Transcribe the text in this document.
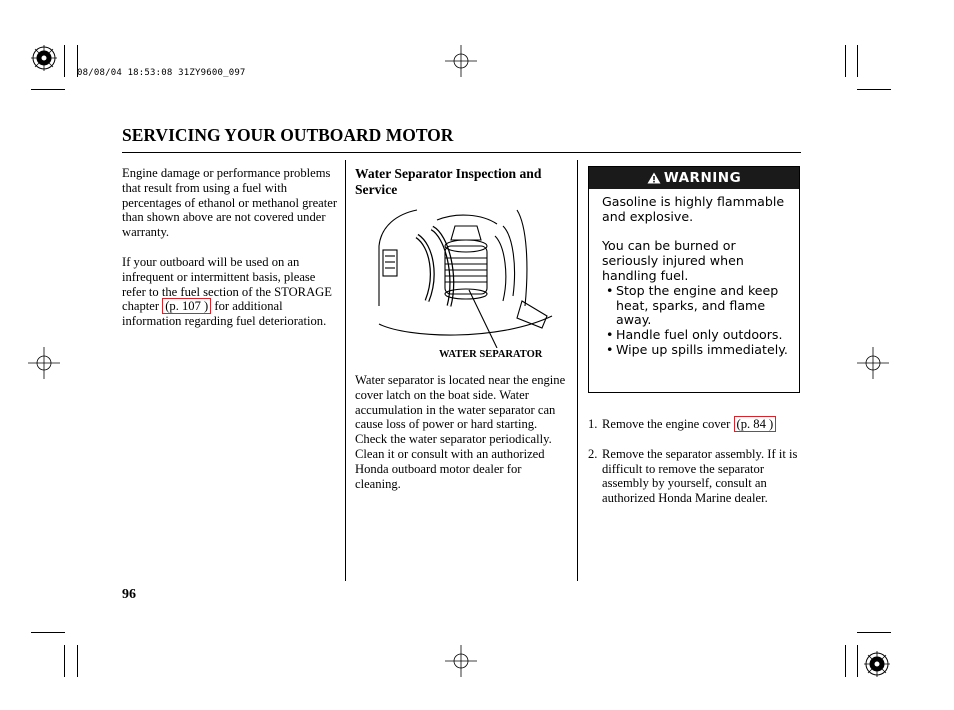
08/08/04 18:53:08 31ZY9600_097
SERVICING YOUR OUTBOARD MOTOR

Engine damage or performance problems that result from using a fuel with percentages of ethanol or methanol greater than shown above are not covered under warranty.

If your outboard will be used on an infrequent or intermittent basis, please refer to the fuel section of the STORAGE chapter (p. 107 ) for additional information regarding fuel deterioration.

Water Separator Inspection and Service
WATER SEPARATOR

Water separator is located near the engine cover latch on the boat side. Water accumulation in the water separator can cause loss of power or hard starting. Check the water separator periodically. Clean it or consult with an authorized Honda outboard motor dealer for cleaning.

WARNING

Gasoline is highly flammable and explosive.

You can be burned or seriously injured when handling fuel.

• Stop the engine and keep heat, sparks, and flame away.
• Handle fuel only outdoors.
• Wipe up spills immediately.
1. Remove the engine cover (p. 84 )
2. Remove the separator assembly. If it is difficult to remove the separator assembly by yourself, consult an authorized Honda Marine dealer.
96
